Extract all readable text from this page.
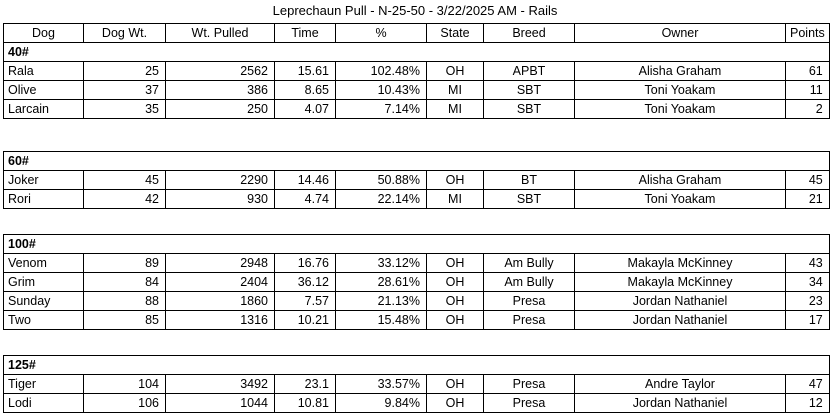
Leprechaun Pull - N-25-50 - 3/22/2025 AM - Rails
Dog	Dog Wt.	Wt. Pulled	Time	%	State	Breed	Owner	Points
40#								
Rala	25	2562	15.61	102.48%	OH	APBT	Alisha Graham	61
Olive	37	386	8.65	10.43%	MI	SBT	Toni Yoakam	11
Larcain	35	250	4.07	7.14%	MI	SBT	Toni Yoakam	2

60#								
Joker	45	2290	14.46	50.88%	OH	BT	Alisha Graham	45
Rori	42	930	4.74	22.14%	MI	SBT	Toni Yoakam	21

100#								
Venom	89	2948	16.76	33.12%	OH	Am Bully	Makayla McKinney	43
Grim	84	2404	36.12	28.61%	OH	Am Bully	Makayla McKinney	34
Sunday	88	1860	7.57	21.13%	OH	Presa	Jordan Nathaniel	23
Two	85	1316	10.21	15.48%	OH	Presa	Jordan Nathaniel	17

125#								
Tiger	104	3492	23.1	33.57%	OH	Presa	Andre Taylor	47
Lodi	106	1044	10.81	9.84%	OH	Presa	Jordan Nathaniel	12
